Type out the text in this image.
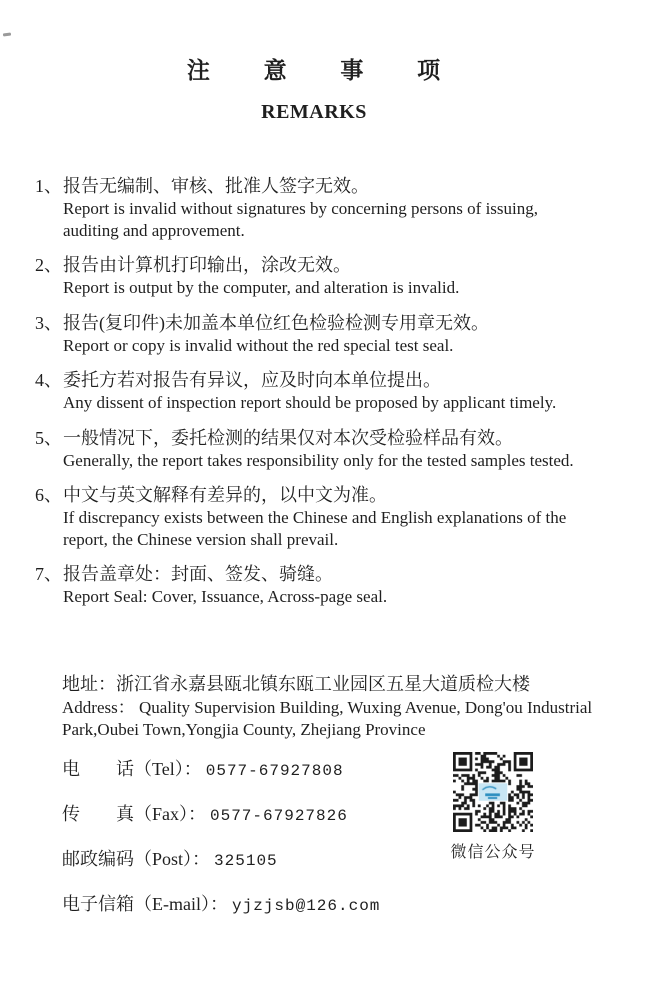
注 意 事 项
REMARKS
1、 报告无编制、审核、批准人签字无效。
Report is invalid without signatures by concerning persons of issuing,
auditing and approvement.
2、 报告由计算机打印输出，涂改无效。
Report is output by the computer, and alteration is invalid.
3、 报告(复印件)未加盖本单位红色检验检测专用章无效。
Report or copy is invalid without the red special test seal.
4、 委托方若对报告有异议，应及时向本单位提出。
Any dissent of inspection report should be proposed by applicant timely.
5、 一般情况下，委托检测的结果仅对本次受检验样品有效。
Generally, the report takes responsibility only for the tested samples tested.
6、 中文与英文解释有差异的，以中文为准。
If discrepancy exists between the Chinese and English explanations of the
report, the Chinese version shall prevail.
7、 报告盖章处：封面、签发、骑缝。
Report Seal: Cover, Issuance, Across-page seal.
地址：浙江省永嘉县瓯北镇东瓯工业园区五星大道质检大楼
Address： Quality Supervision Building, Wuxing Avenue, Dong'ou Industrial
Park,Oubei Town,Yongjia County, Zhejiang Province
电　　话（Tel）： 0577-67927808
传　　真（Fax）： 0577-67927826
邮政编码（Post）： 325105
电子信箱（E-mail）： yjzjsb@126.com
微信公众号
